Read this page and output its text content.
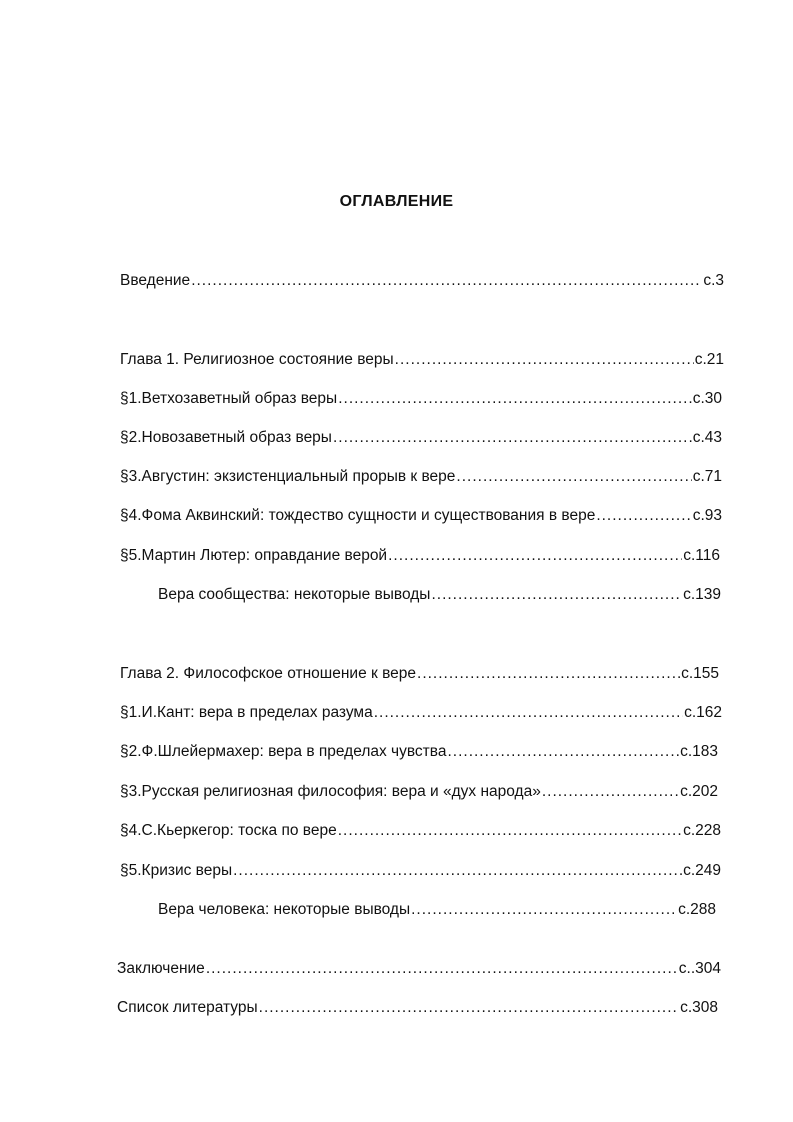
ОГЛАВЛЕНИЕ
Введение .....	с.3
Глава 1. Религиозное состояние веры .....	с.21
§1.Ветхозаветный образ веры .....	с.30
§2.Новозаветный образ веры .....	с.43
§3.Августин: экзистенциальный прорыв к вере .....	с.71
§4.Фома Аквинский: тождество сущности и существования в вере .....	с.93
§5.Мартин Лютер: оправдание верой .....	с.116
Вера сообщества: некоторые выводы .....	с.139
Глава 2. Философское отношение к вере .....	с.155
§1.И.Кант: вера в пределах разума .....	с.162
§2.Ф.Шлейермахер: вера в пределах чувства .....	с.183
§3.Русская религиозная философия: вера и «дух народа» .....	с.202
§4.С.Кьеркегор: тоска по вере .....	с.228
§5.Кризис веры .....	с.249
Вера человека: некоторые выводы .....	с.288
Заключение .....	с..304
Список литературы .....	с.308
